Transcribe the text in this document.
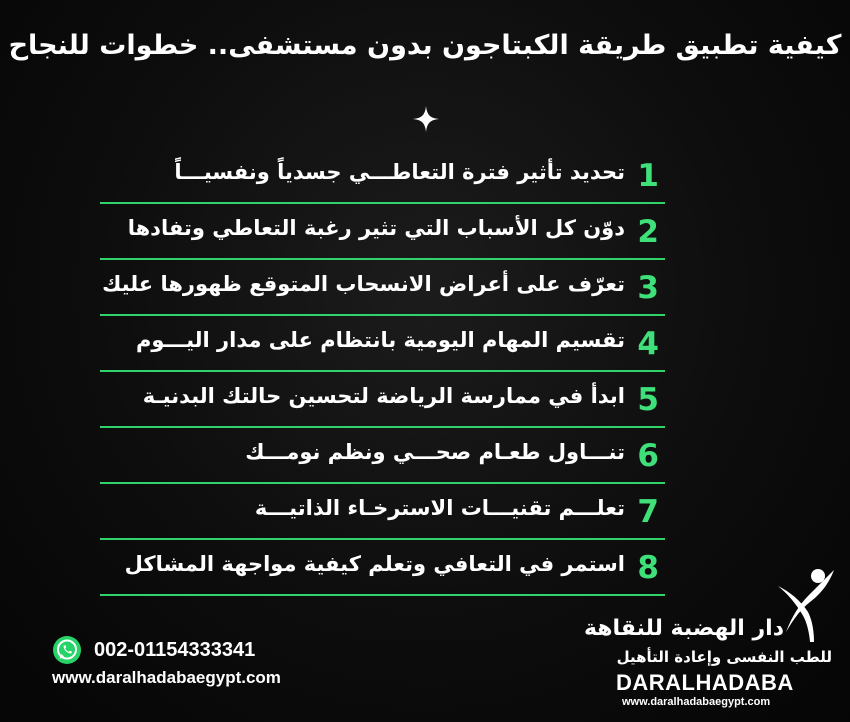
كيفية تطبيق طريقة الكبتاجون بدون مستشفى.. خطوات للنجاح
1
تحديد تأثير فترة التعاطـــي جسدياً ونفسيـــاً
2
دوّن كل الأسباب التي تثير رغبة التعاطي وتفادها
3
تعرّف على أعراض الانسحاب المتوقع ظهورها عليك
4
تقسيم المهام اليومية بانتظام على مدار اليـــوم
5
ابدأ في ممارسة الرياضة لتحسين حالتك البدنيـة
6
تنـــاول طعـام صحـــي ونظم نومـــك
7
تعلـــم تقنيـــات الاسترخـاء الذاتيـــة
8
استمر في التعافي وتعلم كيفية مواجهة المشاكل
002-01154333341
www.daralhadabaegypt.com
دار الهضبة للنقاهة
للطب النفسى وإعادة التأهيل
DARALHADABA
www.daralhadabaegypt.com
